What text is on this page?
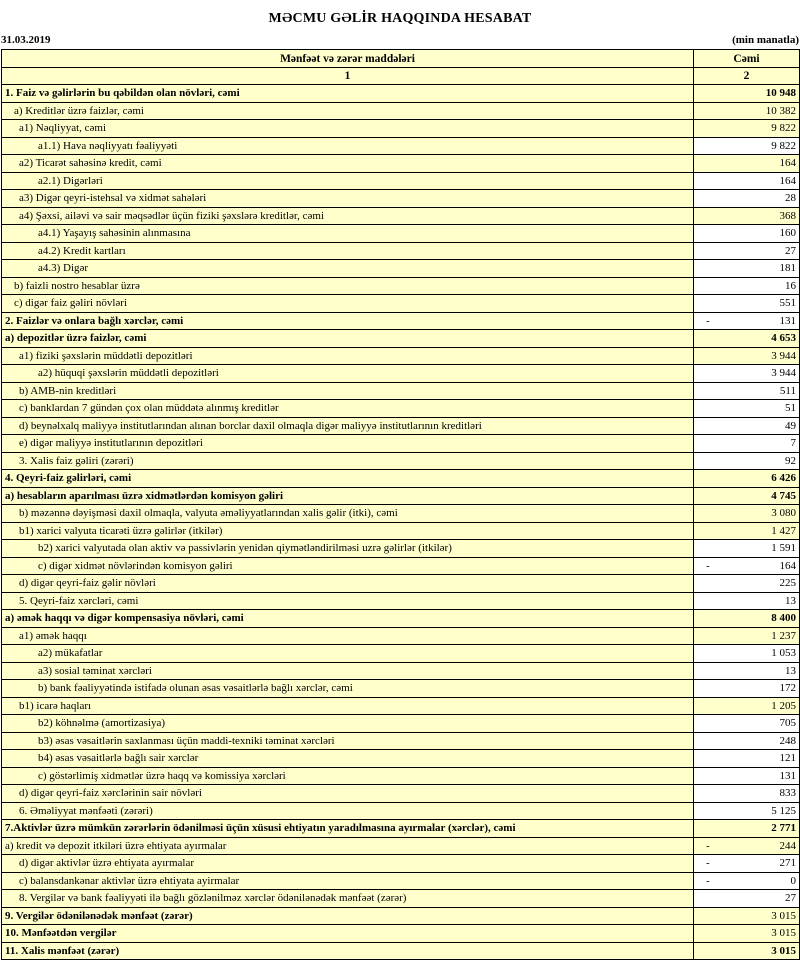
MƏCMU GƏLİR HAQQINDA HESABAT
31.03.2019	(min manatla)
Mənfəət və zərər maddələri	Cəmi
1	2

1. Faiz və gəlirlərin bu qəbildən olan növləri, cəmi	10 948

a) Kreditlər üzrə faizlər, cəmi	10 382

a1) Nəqliyyat, cəmi	9 822

a1.1) Hava nəqliyyatı fəaliyyəti	9 822

a2) Ticarət sahəsinə kredit, cəmi	164

a2.1) Digərləri	164

a3) Digər qeyri-istehsal və xidmət sahələri	28

a4) Şəxsi, ailəvi və sair məqsədlər üçün fiziki şəxslərə kreditlər, cəmi	368

a4.1) Yaşayış sahəsinin alınmasına	160

a4.2) Kredit kartları	27

a4.3) Digər	181

b) faizli nostro hesablar üzrə	16

c) digər faiz gəliri növləri	551

2. Faizlər və onlara bağlı xərclər, cəmi	- 131

a) depozitlər üzrə faizlər, cəmi	4 653

a1) fiziki şəxslərin müddətli depozitləri	3 944

a2) hüquqi şəxslərin müddətli depozitləri	3 944

b) AMB-nin kreditləri	511

c) banklardan 7 gündən çox olan müddətə alınmış kreditlər	51

d) beynəlxalq maliyyə institutlarından alınan borclar daxil olmaqla digər maliyyə institutlarının kreditləri	49

e) digər maliyyə institutlarının depozitləri	7

3. Xalis faiz gəliri (zərəri)	92

4. Qeyri-faiz gəlirləri, cəmi	6 426

a) hesabların aparılması üzrə xidmətlərdən komisyon gəliri	4 745

b) məzənnə dəyişməsi daxil olmaqla, valyuta əməliyyatlarından xalis gəlir (itki), cəmi	3 080

b1) xarici valyuta ticarəti üzrə gəlirlər (itkilər)	1 427

b2) xarici valyutada olan aktiv və passivlərin yenidən qiymətləndirilməsi uzrə gəlirlər (itkilər)	1 591

c) digər xidmət növlərindən komisyon gəliri	- 164

d) digər qeyri-faiz gəlir növləri	225

5. Qeyri-faiz xərcləri, cəmi	13

a) əmək haqqı və digər kompensasiya növləri, cəmi	8 400

a1) əmək haqqı	1 237

a2) mükafatlar	1 053

a3) sosial təminat xərcləri	13

b) bank fəaliyyətində istifadə olunan əsas vəsaitlərlə bağlı xərclər, cəmi	172

b1) icarə haqları	1 205

b2) köhnəlmə (amortizasiya)	705

b3) əsas vəsaitlərin saxlanması üçün maddi-texniki təminat xərcləri	248

b4) əsas vəsaitlərlə bağlı sair xərclər	121

c) göstərlimiş xidmətlər üzrə haqq və komissiya xərcləri	131

d) digər qeyri-faiz xərclərinin sair növləri	833

6. Əməliyyat mənfəəti (zərəri)	5 125

7.Aktivlər üzrə mümkün zərərlərin ödənilməsi üçün xüsusi ehtiyatın yaradılmasına ayırmalar (xərclər), cəmi	2 771

a) kredit və depozit itkiləri üzrə ehtiyata ayırmalar	- 244

d) digər aktivlər üzrə ehtiyata ayırmalar	- 271

c) balansdankənar aktivlər üzrə ehtiyata ayirmalar	- 0

8. Vergilər və bank fəaliyyəti ilə bağlı gözlənilməz xərclər ödənilənədək mənfəət (zərər)	27

9. Vergilər ödənilənədək mənfəət (zərər)	3 015

10. Mənfəətdən vergilər	3 015

11. Xalis mənfəət (zərər)	3 015
